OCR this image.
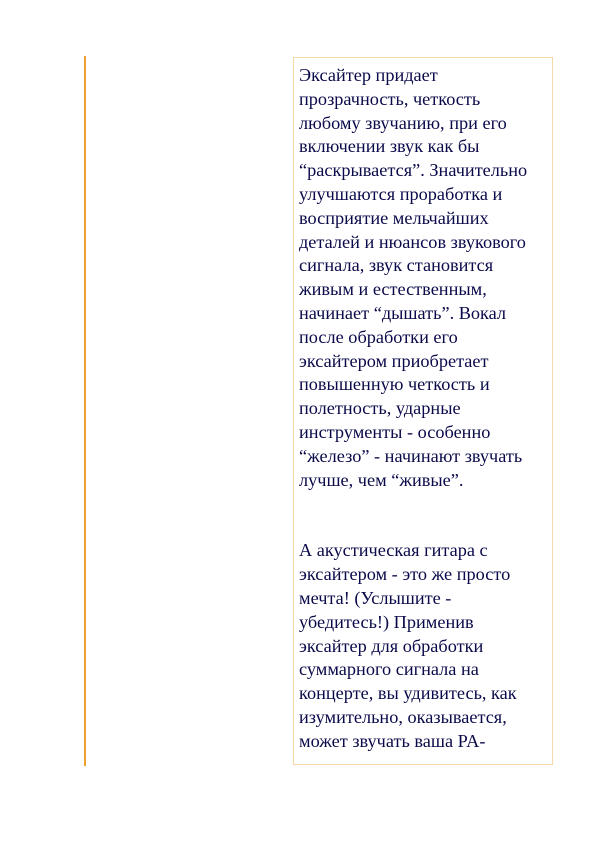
Эксайтер придает
прозрачность, четкость
любому звучанию, при его
включении звук как бы
“раскрывается”. Значительно
улучшаются проработка и
восприятие мельчайших
деталей и нюансов звукового
сигнала, звук становится
живым и естественным,
начинает “дышать”. Вокал
после обработки его
эксайтером приобретает
повышенную четкость и
полетность, ударные
инструменты - особенно
“железо” - начинают звучать
лучше, чем “живые”.

А акустическая гитара с
эксайтером - это же просто
мечта! (Услышите -
убедитесь!) Применив
эксайтер для обработки
суммарного сигнала на
концерте, вы удивитесь, как
изумительно, оказывается,
может звучать ваша PA-
